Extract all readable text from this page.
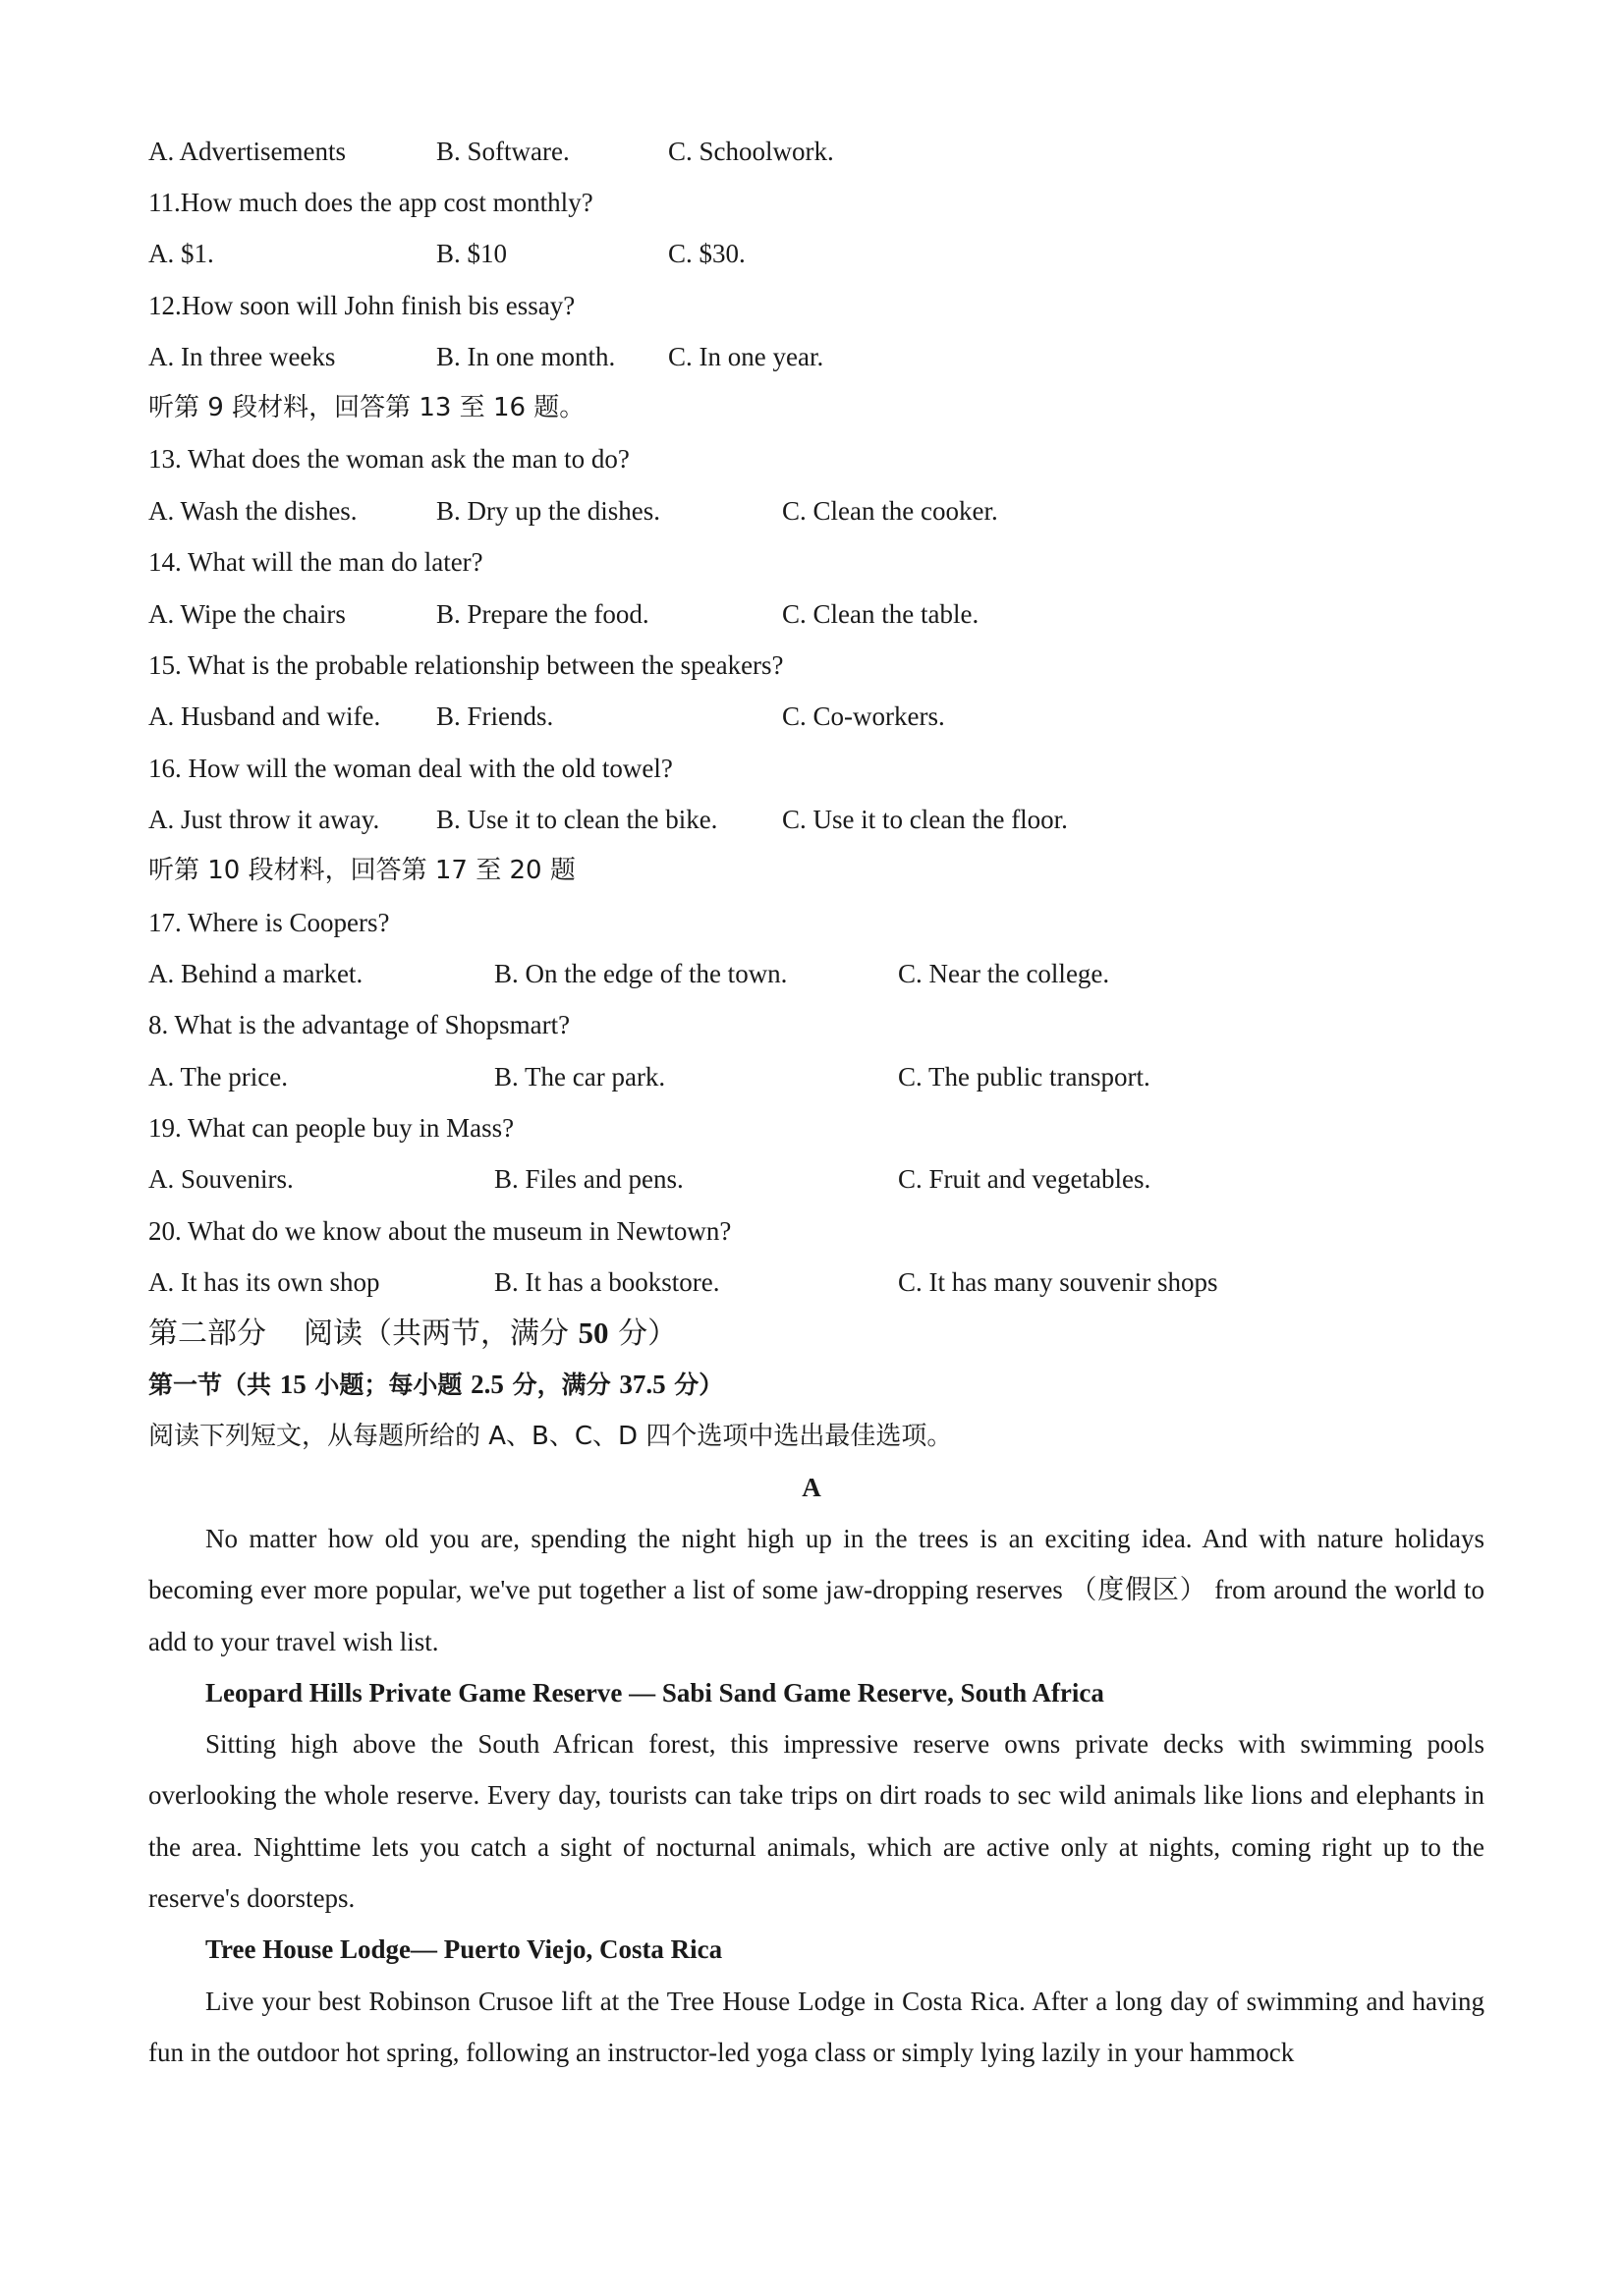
A. Advertisements	B. Software.	C. Schoolwork.
11.How much does the app cost monthly?
A. $1.	B. $10	C. $30.
12.How soon will John finish bis essay?
A. In three weeks	B. In one month. C. In one year.
听第 9 段材料，回答第 13 至 16 题。
13. What does the woman ask the man to do?
A. Wash the dishes.	B. Dry up the dishes.	C. Clean the cooker.
14. What will the man do later?
A. Wipe the chairs	B. Prepare the food.	C. Clean the table.
15. What is the probable relationship between the speakers?
A. Husband and wife. B. Friends.	C. Co-workers.
16. How will the woman deal with the old towel?
A. Just throw it away. B. Use it to clean the bike. C. Use it to clean the floor.
听第 10 段材料，回答第 17 至 20 题
17. Where is Coopers?
A. Behind a market.	B. On the edge of the town.	C. Near the college.
8. What is the advantage of Shopsmart?
A. The price.	B. The car park.	C. The public transport.
19. What can people buy in Mass?
A. Souvenirs.	B. Files and pens.	C. Fruit and vegetables.
20. What do we know about the museum in Newtown?
A. It has its own shop	B. It has a bookstore.	C. It has many souvenir shops
第二部分 阅读（共两节，满分 50 分）
第一节（共 15 小题；每小题 2.5 分，满分 37.5 分）
阅读下列短文，从每题所给的 A、B、C、D 四个选项中选出最佳选项。
A

No matter how old you are, spending the night high up in the trees is an exciting idea. And with nature holidays becoming ever more popular, we've put together a list of some jaw-dropping reserves （度假区） from around the world to add to your travel wish list.

Leopard Hills Private Game Reserve — Sabi Sand Game Reserve, South Africa

Sitting high above the South African forest, this impressive reserve owns private decks with swimming pools overlooking the whole reserve. Every day, tourists can take trips on dirt roads to sec wild animals like lions and elephants in the area. Nighttime lets you catch a sight of nocturnal animals, which are active only at nights, coming right up to the reserve's doorsteps.

Tree House Lodge— Puerto Viejo, Costa Rica

Live your best Robinson Crusoe lift at the Tree House Lodge in Costa Rica. After a long day of swimming and having fun in the outdoor hot spring, following an instructor-led yoga class or simply lying lazily in your hammock
